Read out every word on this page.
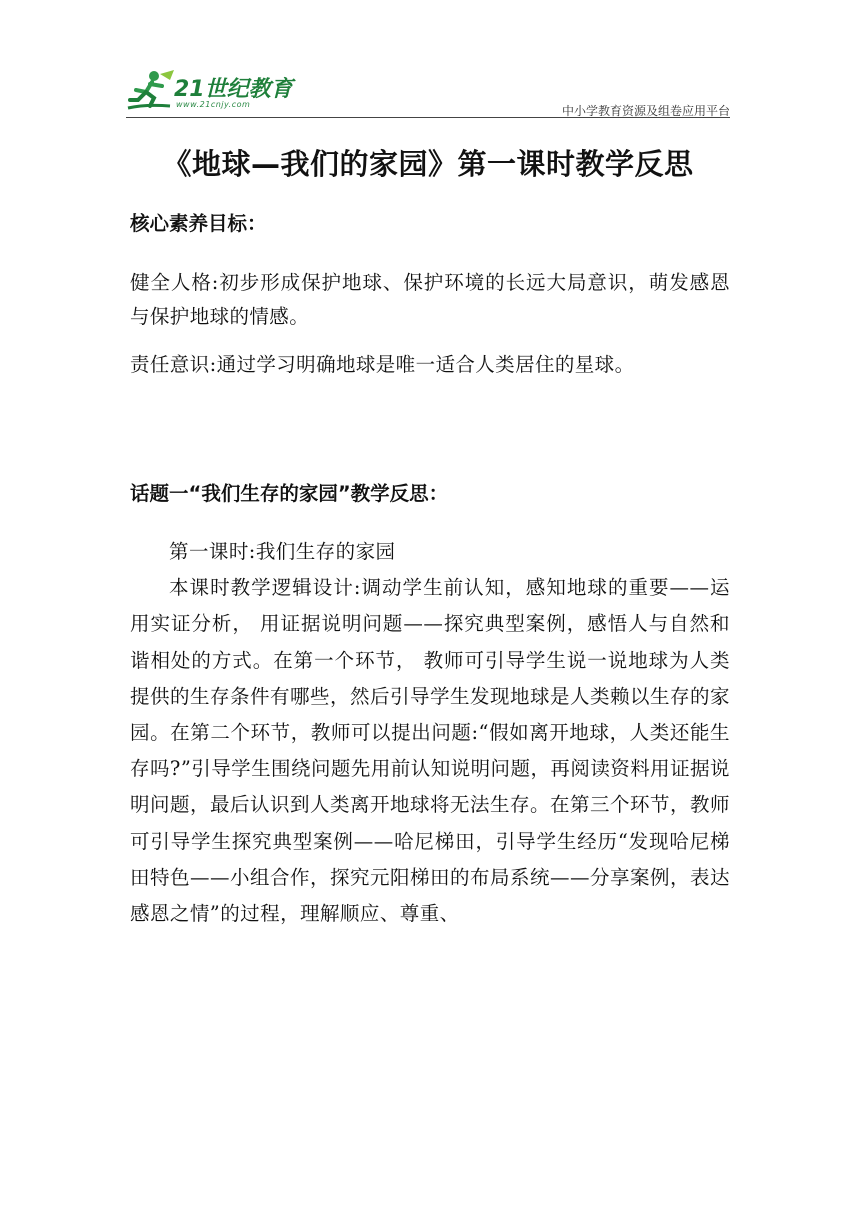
21世纪教育
www.21cnjy.com	中小学教育资源及组卷应用平台
《地球—我们的家园》第一课时教学反思

核心素养目标：

健全人格:初步形成保护地球、保护环境的长远大局意识，萌发感恩与保护地球的情感。

责任意识:通过学习明确地球是唯一适合人类居住的星球。

话题一“我们生存的家园”教学反思：

第一课时:我们生存的家园

本课时教学逻辑设计:调动学生前认知，感知地球的重要——运用实证分析， 用证据说明问题——探究典型案例，感悟人与自然和谐相处的方式。在第一个环节， 教师可引导学生说一说地球为人类提供的生存条件有哪些，然后引导学生发现地球是人类赖以生存的家园。在第二个环节，教师可以提出问题:“假如离开地球，人类还能生存吗?”引导学生围绕问题先用前认知说明问题，再阅读资料用证据说明问题，最后认识到人类离开地球将无法生存。在第三个环节，教师可引导学生探究典型案例——哈尼梯田，引导学生经历“发现哈尼梯田特色——小组合作，探究元阳梯田的布局系统——分享案例，表达感恩之情”的过程，理解顺应、尊重、
